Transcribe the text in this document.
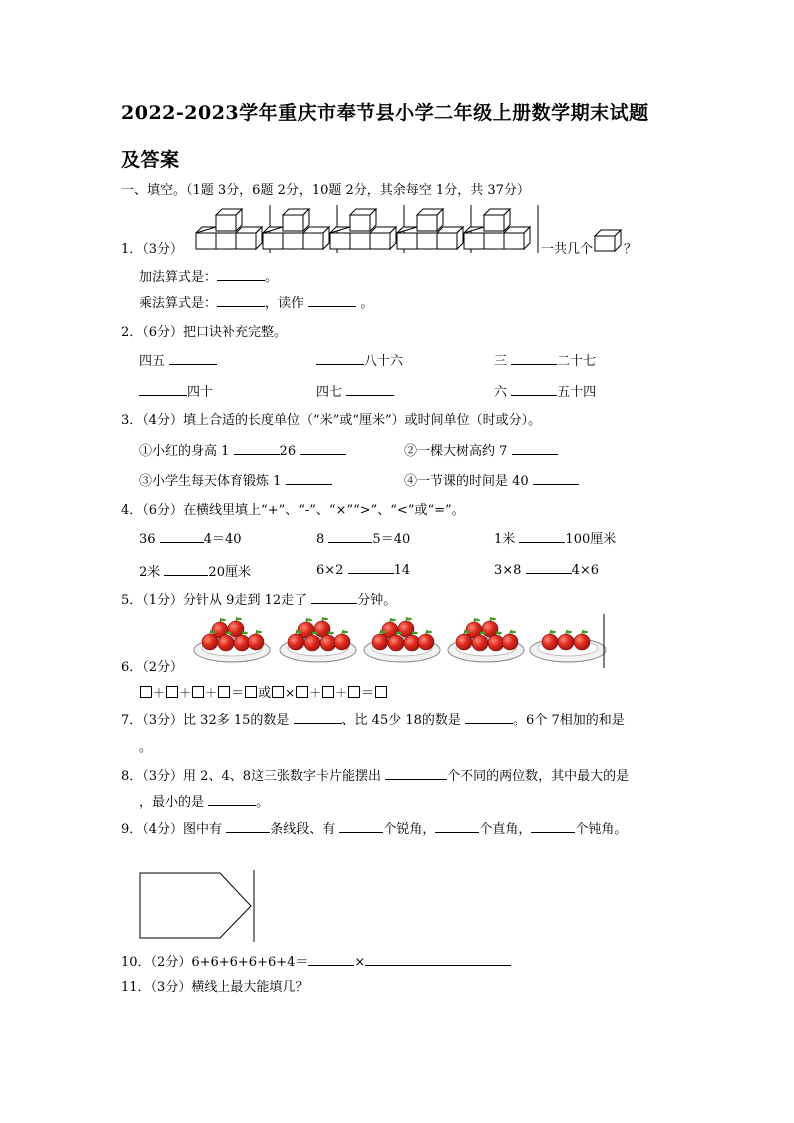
2022-2023学年重庆市奉节县小学二年级上册数学期末试题
及答案
一、填空。（1题 3分，6题 2分，10题 2分，其余每空 1分，共 37分）
1．（3分）	一共几个 ？
加法算式是：	。
乘法算式是：	，读作	。
2．（6分）把口诀补充完整。
四五	八十六	三	二十七
四十	四七	六	五十四
3．（4分）填上合适的长度单位（“米”或“厘米”）或时间单位（时或分）。
①小红的身高 1	26	②一棵大树高约 7
③小学生每天体育锻炼 1	④一节课的时间是 40
4．（6分）在横线里填上“+”、“-”、“×”“>”、“<”或“=”。
36	4＝40	8	5＝40	1米	100厘米
2米	20厘米	6×2	14	3×8	4×6
5．（1分）分针从 9走到 12走了	分钟。
6．（2分）
＋ ＋ ＋ ＝ 或 × ＋ ＋ ＝
7．（3分）比 32多 15的数是	、比 45少 18的数是	。6个 7相加的和是
。
8．（3分）用 2、4、8这三张数字卡片能摆出	个不同的两位数，其中最大的是
，最小的是	。
9．（4分）图中有	条线段、有	个锐角，	个直角，	个钝角。
10．（2分）6+6+6+6+6+4＝	×
11．（3分）横线上最大能填几？
